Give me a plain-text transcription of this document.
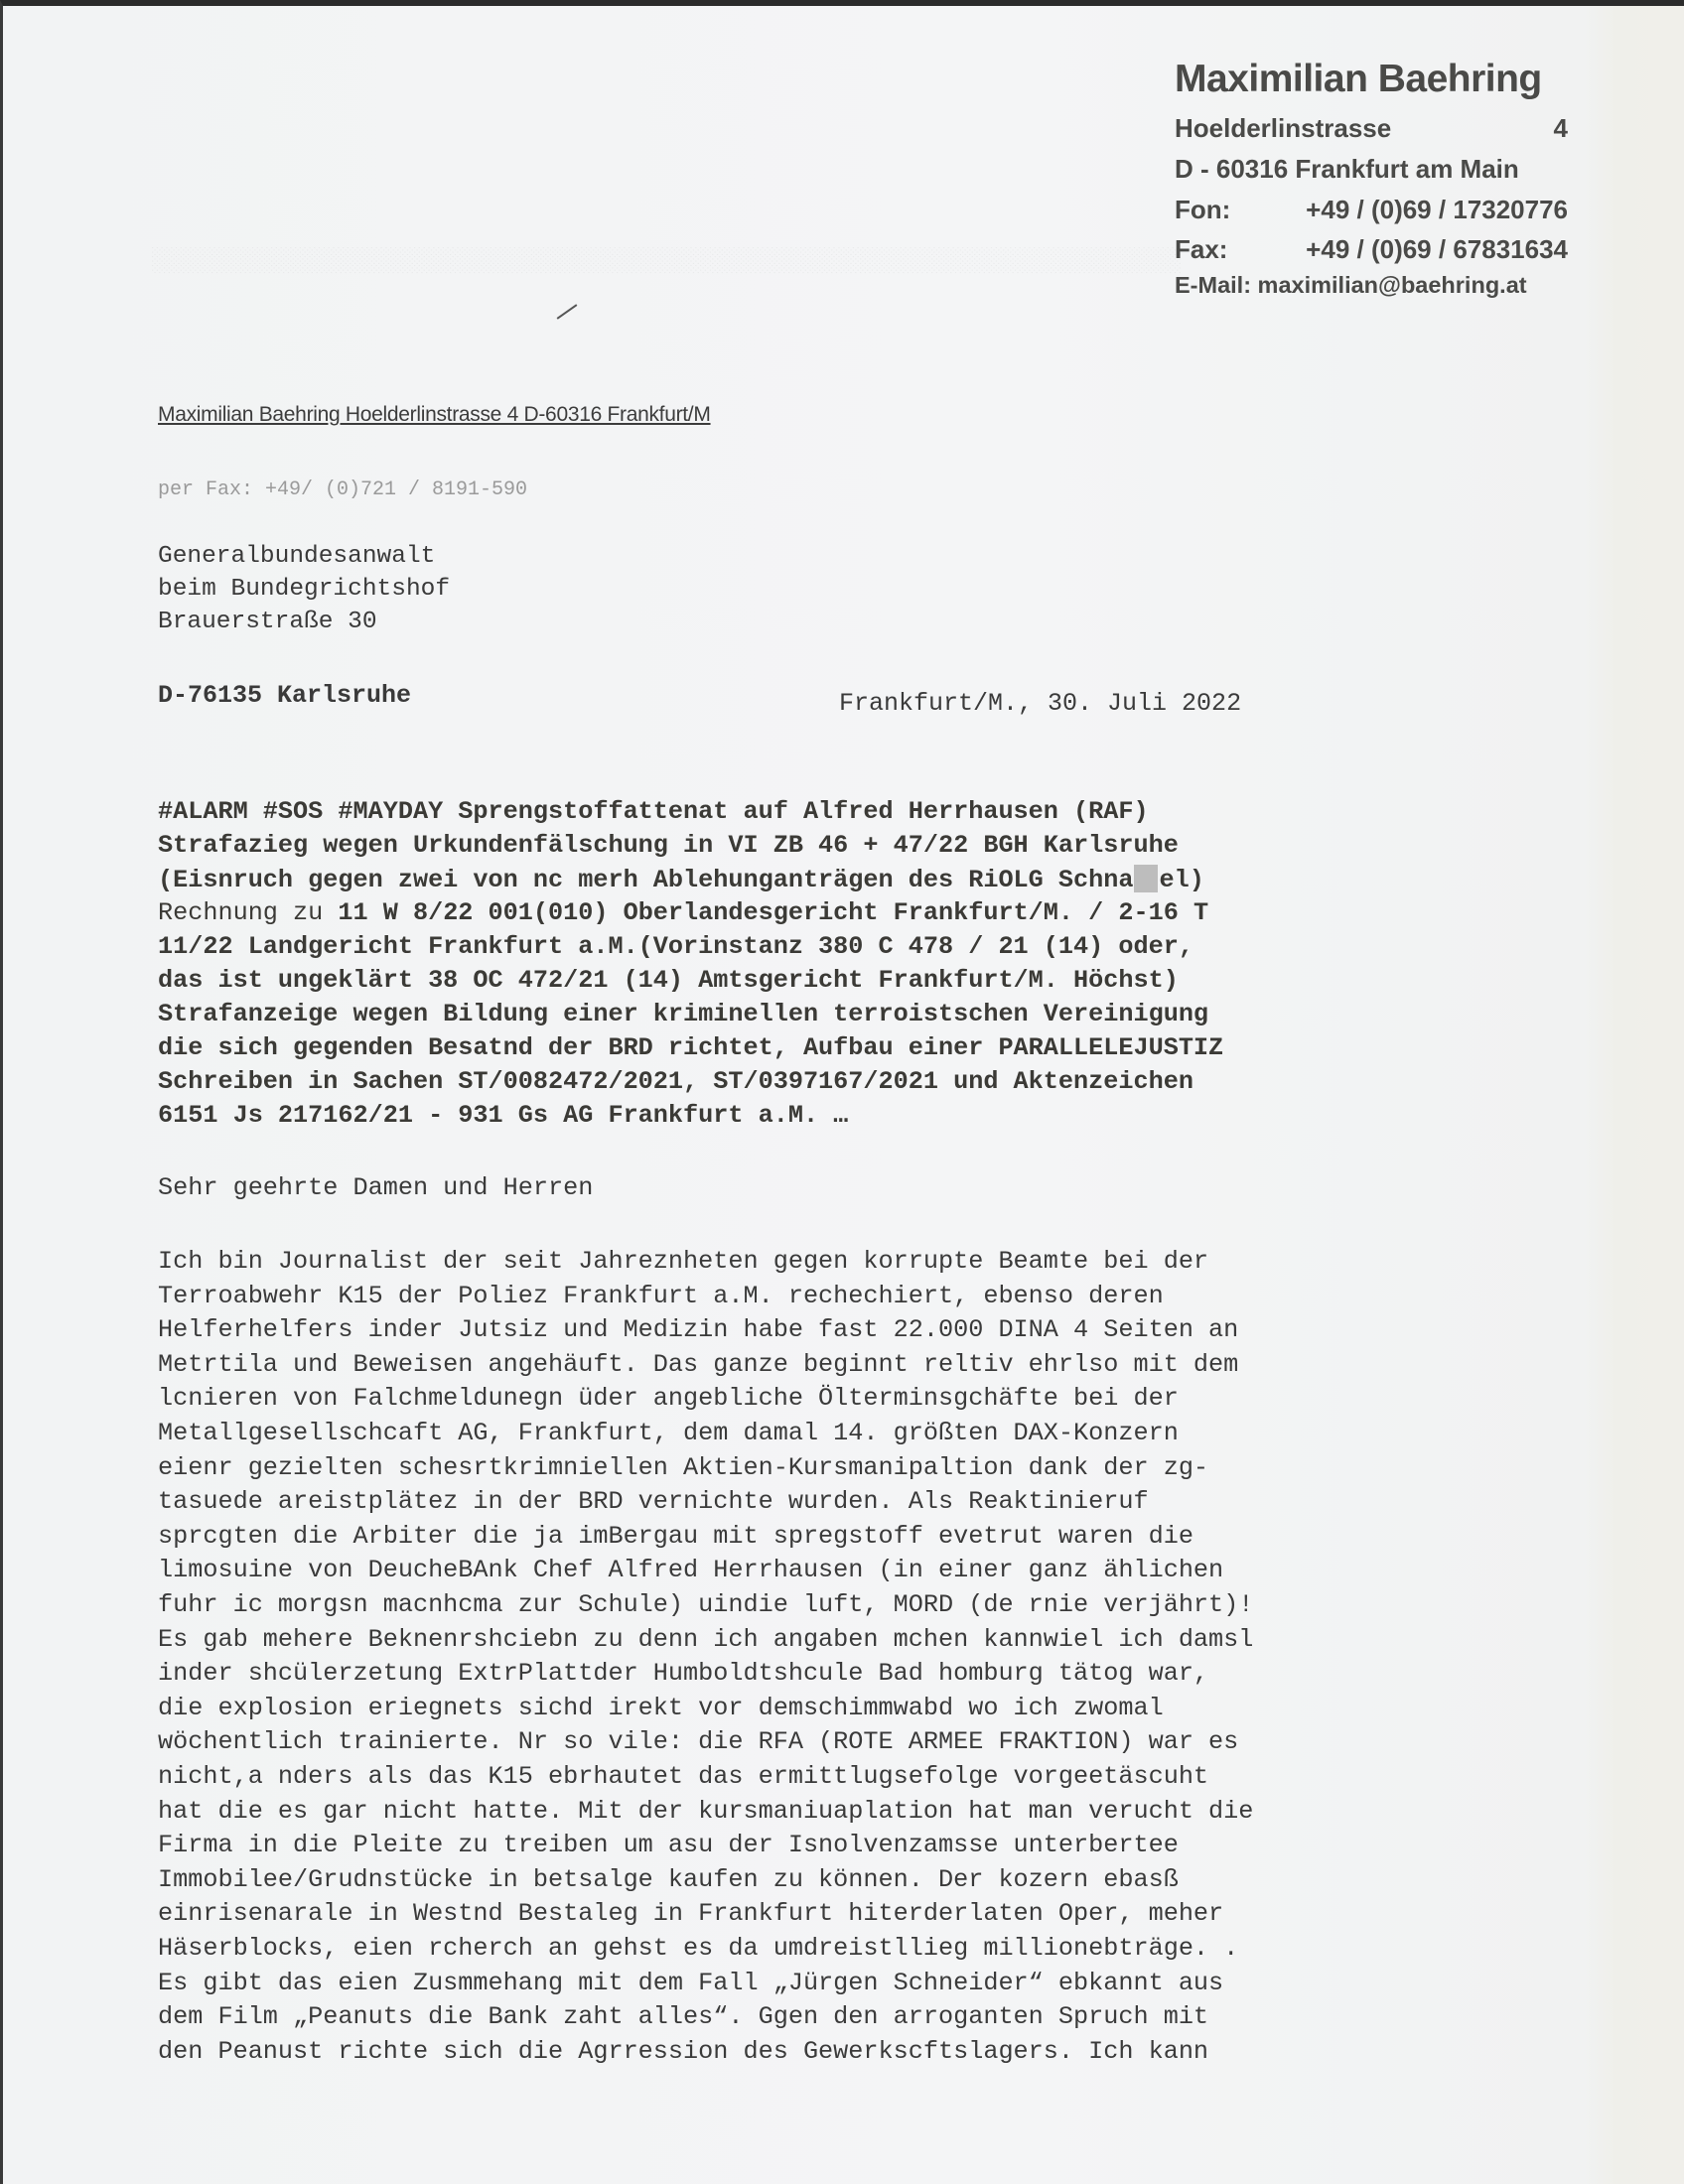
░░░░░░░░░░░░░░░░░░░░░░░░░░░░░░░░░░░░░░░░░░░░░░░░░░░░░░░░░░░░░░░░░░░░░░░░
Maximilian Baehring
Hoelderlinstrasse	4
D - 60316 Frankfurt am Main
Fon:	+49 / (0)69 / 17320776
Fax:	+49 / (0)69 / 67831634
E-Mail: maximilian@baehring.at
Maximilian Baehring Hoelderlinstrasse 4 D-60316 Frankfurt/M
per Fax: +49/ (0)721 / 8191-590
Generalbundesanwalt
beim Bundegrichtshof
Brauerstraße 30
D-76135 Karlsruhe	Frankfurt/M., 30. Juli 2022
#ALARM #SOS #MAYDAY Sprengstoffattenat auf Alfred Herrhausen (RAF)
Strafazieg wegen Urkundenfälschung in VI ZB 46 + 47/22 BGH Karlsruhe
(Eisnruch gegen zwei von nc merh Ablehunganträgen des RiOLG Schna el)
Rechnung zu 11 W 8/22 001(010) Oberlandesgericht Frankfurt/M. / 2-16 T
11/22 Landgericht Frankfurt a.M.(Vorinstanz 380 C 478 / 21 (14) oder,
das ist ungeklärt 38 OC 472/21 (14) Amtsgericht Frankfurt/M. Höchst)
Strafanzeige wegen Bildung einer kriminellen terroistschen Vereinigung
die sich gegenden Besatnd der BRD richtet, Aufbau einer PARALLELEJUSTIZ
Schreiben in Sachen ST/0082472/2021, ST/0397167/2021 und Aktenzeichen
6151 Js 217162/21 - 931 Gs AG Frankfurt a.M. …
Sehr geehrte Damen und Herren
Ich bin Journalist der seit Jahreznheten gegen korrupte Beamte bei der
Terroabwehr K15 der Poliez Frankfurt a.M. rechechiert, ebenso deren
Helferhelfers inder Jutsiz und Medizin habe fast 22.000 DINA 4 Seiten an
Metrtila und Beweisen angehäuft. Das ganze beginnt reltiv ehrlso mit dem
lcnieren von Falchmeldunegn üder angebliche Ölterminsgchäfte bei der
Metallgesellschcaft AG, Frankfurt, dem damal 14. größten DAX-Konzern
eienr gezielten schesrtkrimniellen Aktien-Kursmanipaltion dank der zg-
tasuede areistplätez in der BRD vernichte wurden. Als Reaktinieruf
sprcgten die Arbiter die ja imBergau mit spregstoff evetrut waren die
limosuine von DeucheBAnk Chef Alfred Herrhausen (in einer ganz ählichen
fuhr ic morgsn macnhcma zur Schule) uindie luft, MORD (de rnie verjährt)!
Es gab mehere Beknenrshciebn zu denn ich angaben mchen kannwiel ich damsl
inder shcülerzetung ExtrPlattder Humboldtshcule Bad homburg tätog war,
die explosion eriegnets sichd irekt vor demschimmwabd wo ich zwomal
wöchentlich trainierte. Nr so vile: die RFA (ROTE ARMEE FRAKTION) war es
nicht,a nders als das K15 ebrhautet das ermittlugsefolge vorgeetäscuht
hat die es gar nicht hatte. Mit der kursmaniuaplation hat man verucht die
Firma in die Pleite zu treiben um asu der Isnolvenzamsse unterbertee
Immobilee/Grudnstücke in betsalge kaufen zu können. Der kozern ebasß
einrisenarale in Westnd Bestaleg in Frankfurt hiterderlaten Oper, meher
Häserblocks, eien rcherch an gehst es da umdreistllieg millionebträge. .
Es gibt das eien Zusmmehang mit dem Fall „Jürgen Schneider“ ebkannt aus
dem Film „Peanuts die Bank zaht alles“. Ggen den arroganten Spruch mit
den Peanust richte sich die Agrression des Gewerkscftslagers. Ich kann
